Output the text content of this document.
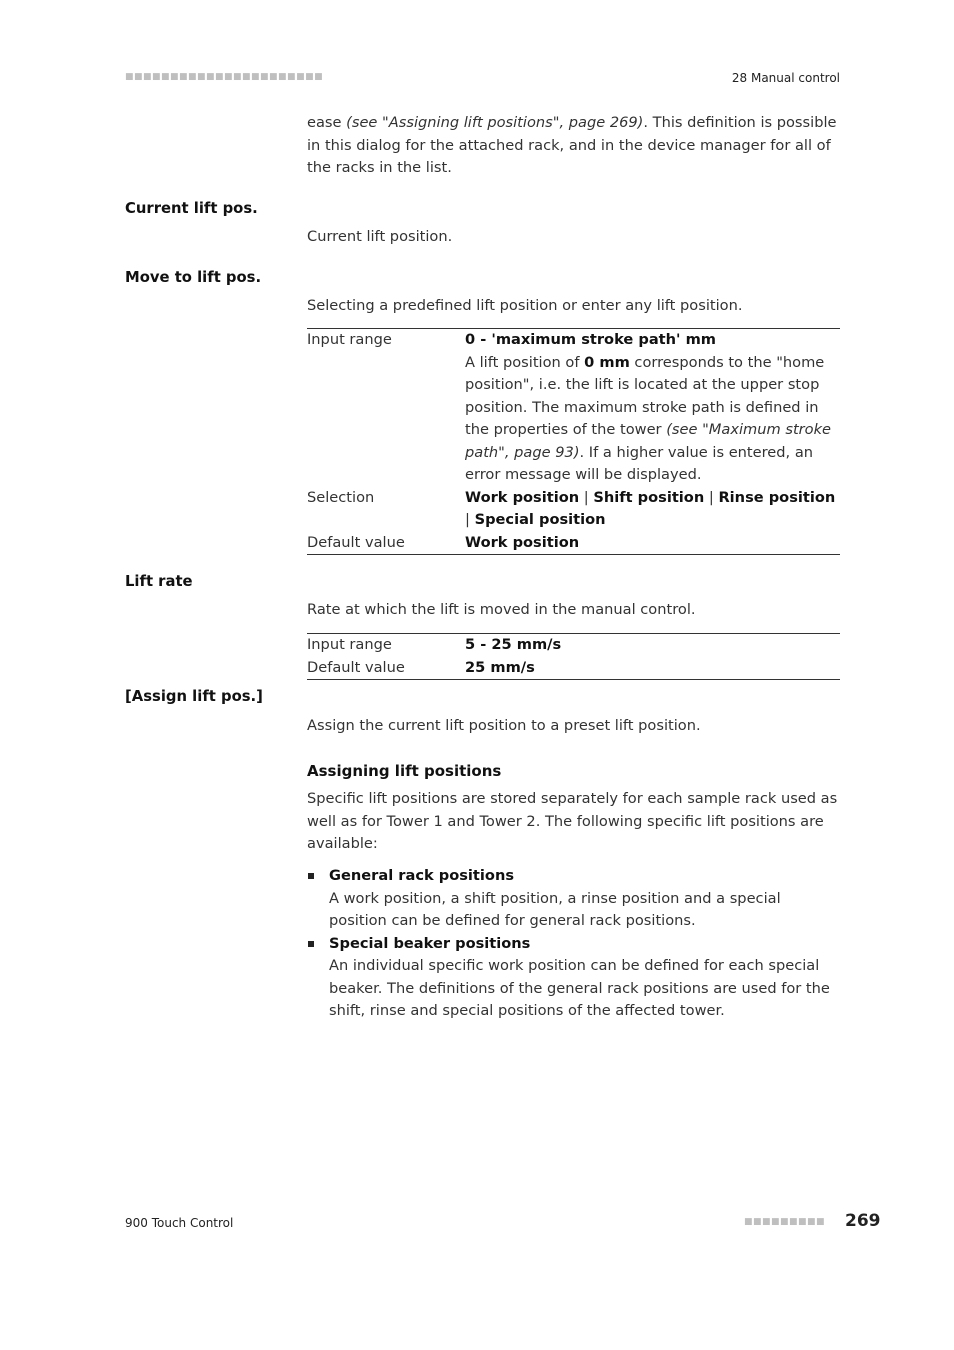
■■■■■■■■■■■■■■■■■■■■■■	28 Manual control
ease (see "Assigning lift positions", page 269). This definition is possible in this dialog for the attached rack, and in the device manager for all of the racks in the list.
Current lift pos.
Current lift position.
Move to lift pos.
Selecting a predefined lift position or enter any lift position.
Input range	0 - 'maximum stroke path' mm
A lift position of 0 mm corresponds to the "home position", i.e. the lift is located at the upper stop position. The maximum stroke path is defined in the properties of the tower (see "Maximum stroke path", page 93). If a higher value is entered, an error message will be displayed.
Selection	Work position | Shift position | Rinse position | Special position
Default value	Work position
Lift rate
Rate at which the lift is moved in the manual control.
Input range	5 - 25 mm/s
Default value	25 mm/s
[Assign lift pos.]
Assign the current lift position to a preset lift position.
Assigning lift positions
Specific lift positions are stored separately for each sample rack used as well as for Tower 1 and Tower 2. The following specific lift positions are available:
General rack positions
A work position, a shift position, a rinse position and a special position can be defined for general rack positions.
Special beaker positions
An individual specific work position can be defined for each special beaker. The definitions of the general rack positions are used for the shift, rinse and special positions of the affected tower.
900 Touch Control	■■■■■■■■■ 269
